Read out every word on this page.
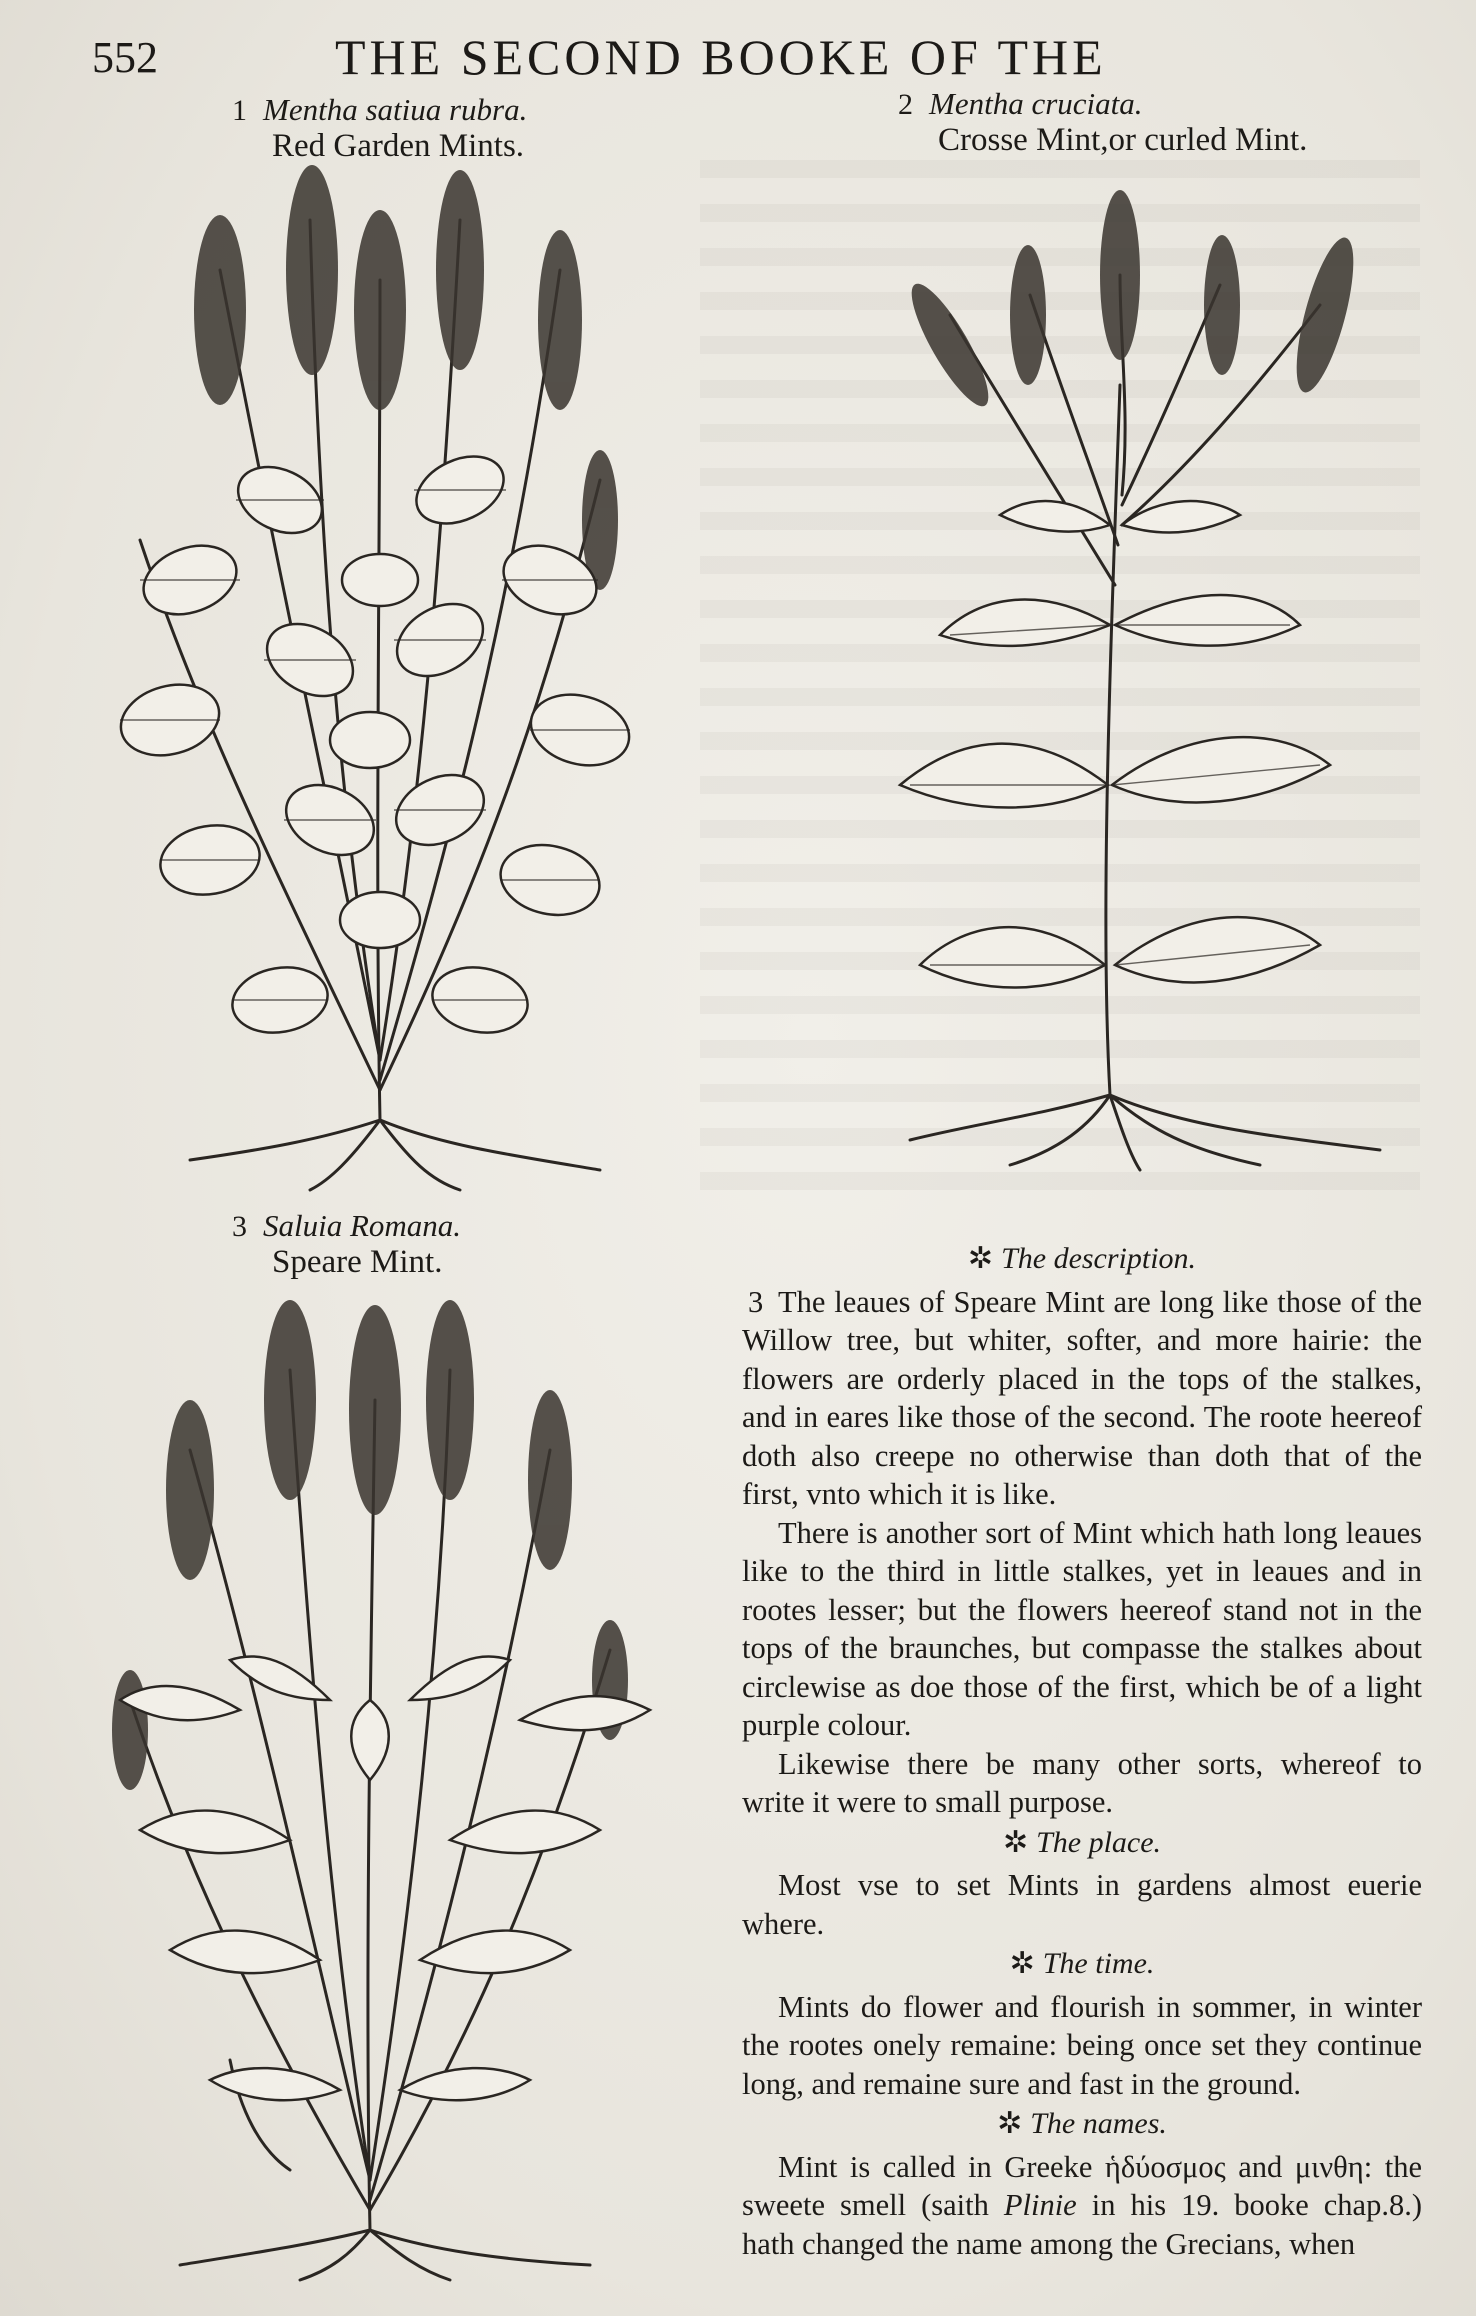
552	THE SECOND BOOKE OF THE
1 Mentha satiua rubra.
Red Garden Mints.
2 Mentha cruciata.
Crosse Mint,or curled Mint.
3 Saluia Romana.
Speare Mint.	✲ The description.

3 The leaues of Speare Mint are long like those of the Willow tree, but whiter, softer, and more hairie: the flowers are orderly placed in the tops of the stalkes, and in eares like those of the second. The roote heereof doth also creepe no otherwise than doth that of the first, vnto which it is like.

There is another sort of Mint which hath long leaues like to the third in little stalkes, yet in leaues and in rootes lesser; but the flowers heereof stand not in the tops of the braunches, but compasse the stalkes about circlewise as doe those of the first, which be of a light purple colour.

Likewise there be many other sorts, whereof to write it were to small purpose.

✲ The place.

Most vse to set Mints in gardens almost euerie where.

✲ The time.

Mints do flower and flourish in sommer, in winter the rootes onely remaine: being once set they continue long, and remaine sure and fast in the ground.

✲ The names.

Mint is called in Greeke ἡδύοσμος and μινθη: the sweete smell (saith Plinie in his 19. booke chap.8.) hath changed the name among the Grecians, when
